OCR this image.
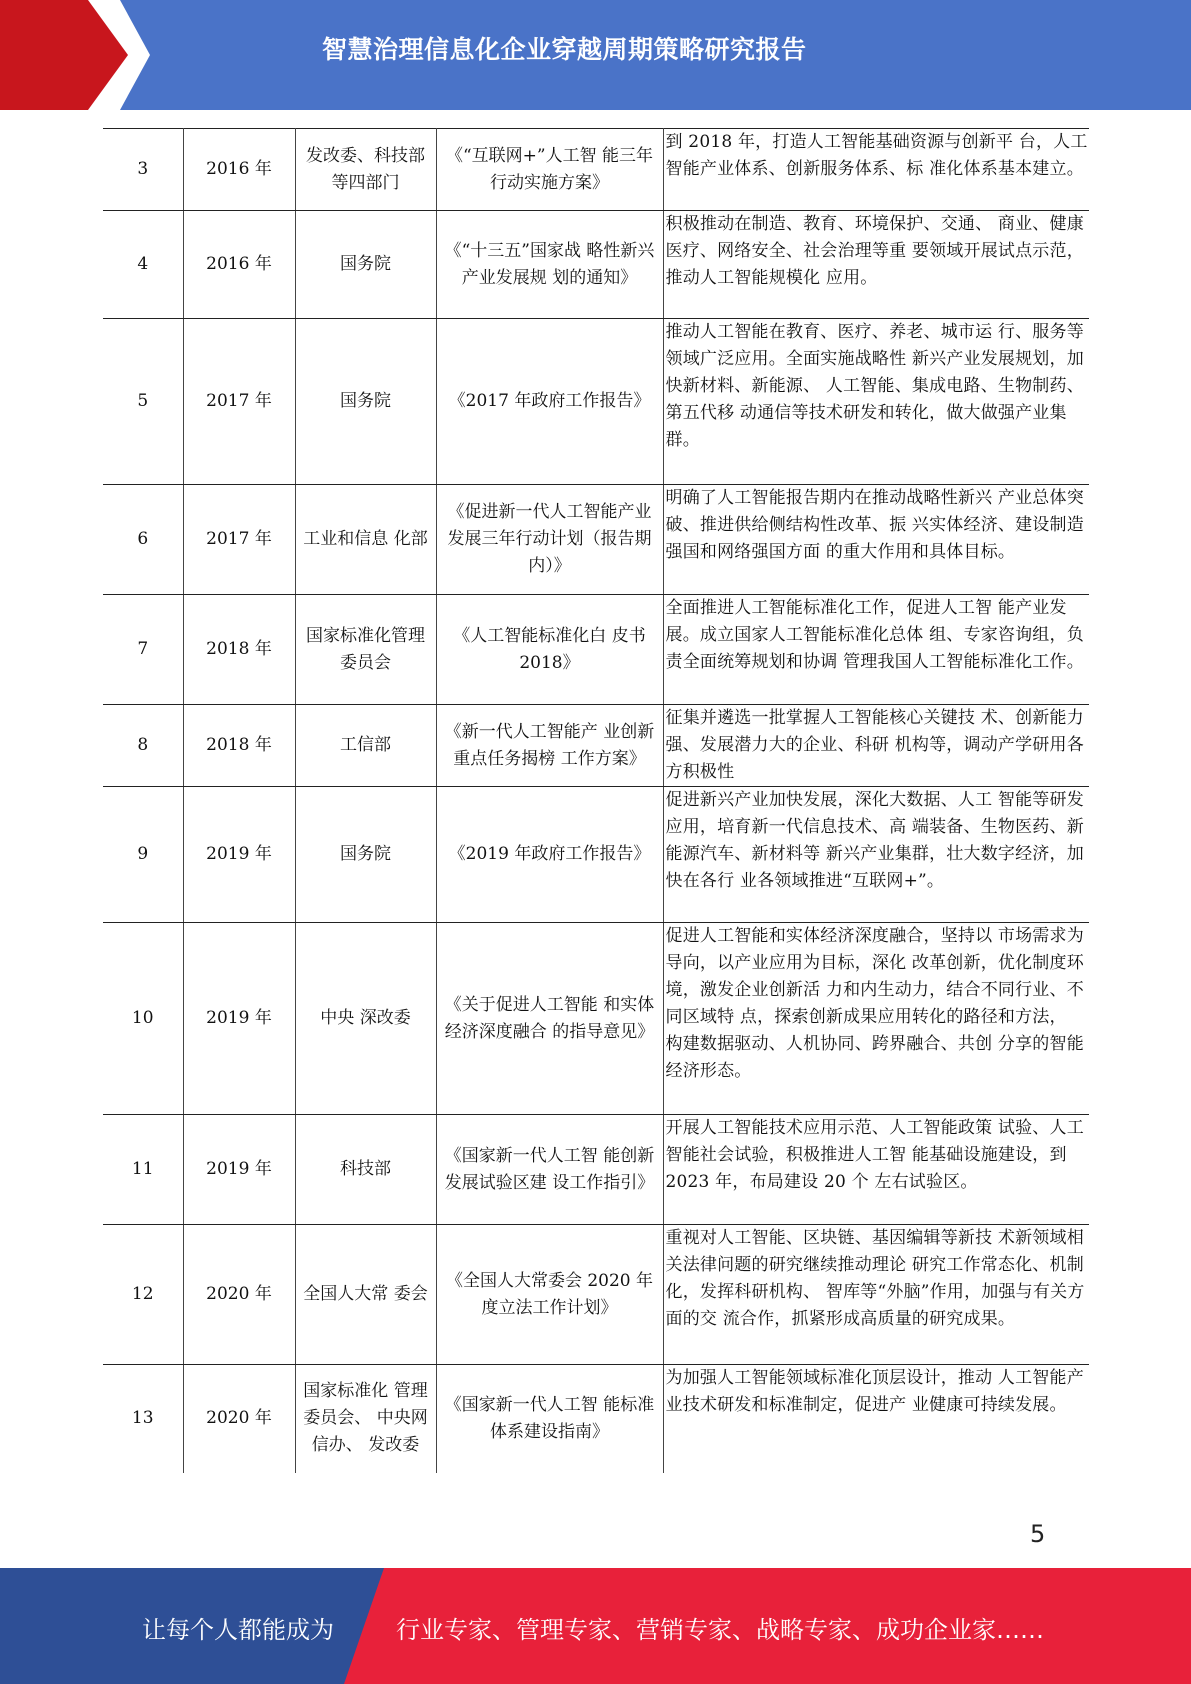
智慧治理信息化企业穿越周期策略研究报告
3	2016 年	发改委、科技部等四部门	《“互联网+”人工智 能三年行动实施方案》	到 2018 年，打造人工智能基础资源与创新平 台，人工智能产业体系、创新服务体系、标 准化体系基本建立。
4	2016 年	国务院	《“十三五”国家战 略性新兴产业发展规 划的通知》	积极推动在制造、教育、环境保护、交通、 商业、健康医疗、网络安全、社会治理等重 要领域开展试点示范，推动人工智能规模化 应用。
5	2017 年	国务院	《2017 年政府工作报告》	推动人工智能在教育、医疗、养老、城市运 行、服务等领域广泛应用。全面实施战略性 新兴产业发展规划，加快新材料、新能源、 人工智能、集成电路、生物制药、第五代移 动通信等技术研发和转化，做大做强产业集 群。
6	2017 年	工业和信息 化部	《促进新一代人工智能产业发展三年行动计划（报告期内）》	明确了人工智能报告期内在推动战略性新兴 产业总体突破、推进供给侧结构性改革、振 兴实体经济、建设制造强国和网络强国方面 的重大作用和具体目标。
7	2018 年	国家标准化管理委员会	《人工智能标准化白 皮书 2018》	全面推进人工智能标准化工作，促进人工智 能产业发展。成立国家人工智能标准化总体 组、专家咨询组，负责全面统筹规划和协调 管理我国人工智能标准化工作。
8	2018 年	工信部	《新一代人工智能产 业创新重点任务揭榜 工作方案》	征集并遴选一批掌握人工智能核心关键技 术、创新能力强、发展潜力大的企业、科研 机构等，调动产学研用各方积极性
9	2019 年	国务院	《2019 年政府工作报告》	促进新兴产业加快发展，深化大数据、人工 智能等研发应用，培育新一代信息技术、高 端装备、生物医药、新能源汽车、新材料等 新兴产业集群，壮大数字经济，加快在各行 业各领域推进“互联网+”。
10	2019 年	中央 深改委	《关于促进人工智能 和实体经济深度融合 的指导意见》	促进人工智能和实体经济深度融合，坚持以 市场需求为导向，以产业应用为目标，深化 改革创新，优化制度环境，激发企业创新活 力和内生动力，结合不同行业、不同区域特 点，探索创新成果应用转化的路径和方法， 构建数据驱动、人机协同、跨界融合、共创 分享的智能经济形态。
11	2019 年	科技部	《国家新一代人工智 能创新发展试验区建 设工作指引》	开展人工智能技术应用示范、人工智能政策 试验、人工智能社会试验，积极推进人工智 能基础设施建设，到 2023 年，布局建设 20 个 左右试验区。
12	2020 年	全国人大常 委会	《全国人大常委会 2020 年度立法工作计划》	重视对人工智能、区块链、基因编辑等新技 术新领域相关法律问题的研究继续推动理论 研究工作常态化、机制化，发挥科研机构、 智库等“外脑”作用，加强与有关方面的交 流合作，抓紧形成高质量的研究成果。
13	2020 年	国家标准化 管理委员会、 中央网信办、 发改委	《国家新一代人工智 能标准体系建设指南》	为加强人工智能领域标准化顶层设计，推动 人工智能产业技术研发和标准制定，促进产 业健康可持续发展。
5
让每个人都能成为	行业专家、管理专家、营销专家、战略专家、成功企业家……
